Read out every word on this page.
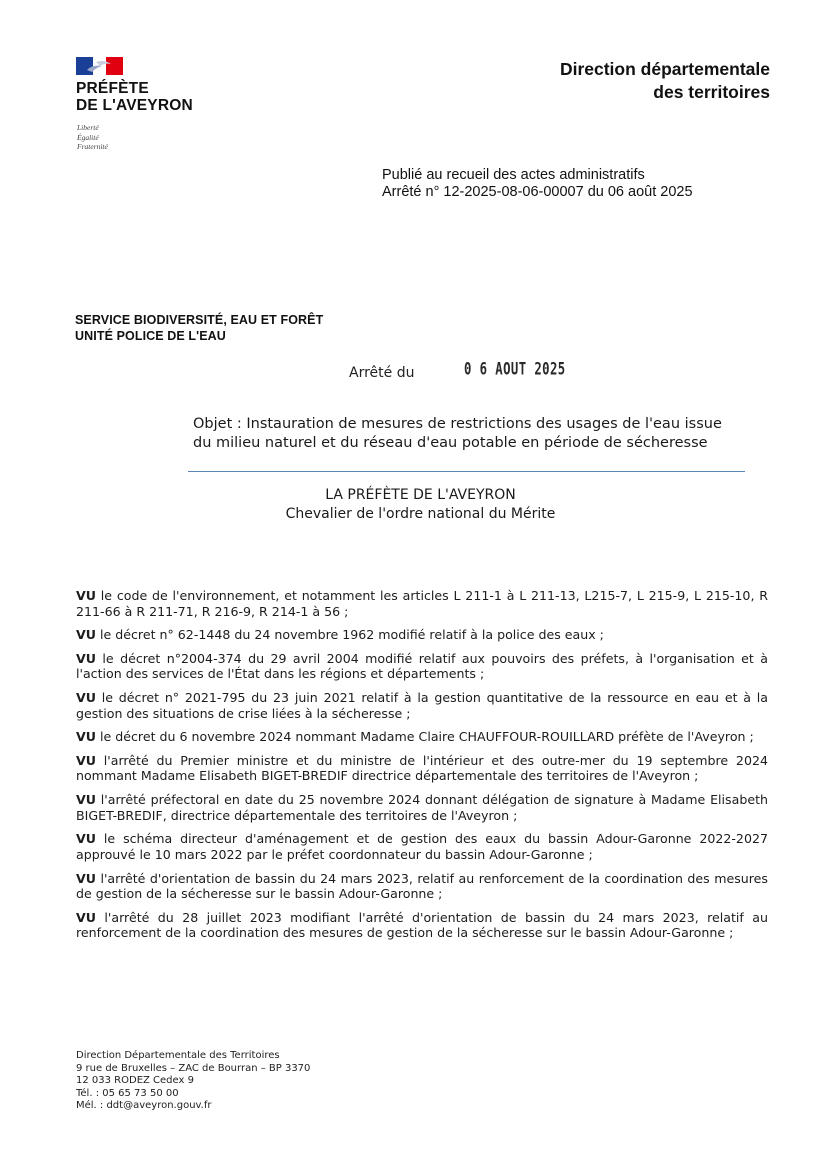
PRÉFÈTE
DE L'AVEYRON
Liberté
Égalité
Fraternité
Direction départementale
des territoires
Publié au recueil des actes administratifs
Arrêté n° 12-2025-08-06-00007 du 06 août 2025
SERVICE BIODIVERSITÉ, EAU ET FORÊT
UNITÉ POLICE DE L'EAU
Arrêté du	0 6 AOUT 2025
Objet : Instauration de mesures de restrictions des usages de l'eau issue
du milieu naturel et du réseau d'eau potable en période de sécheresse
LA PRÉFÈTE DE L'AVEYRON
Chevalier de l'ordre national du Mérite

VU le code de l'environnement, et notamment les articles L 211-1 à L 211-13, L215-7, L 215-9, L 215-10, R 211-66 à R 211-71, R 216-9, R 214-1 à 56 ;

VU le décret n° 62-1448 du 24 novembre 1962 modifié relatif à la police des eaux ;

VU le décret n°2004-374 du 29 avril 2004 modifié relatif aux pouvoirs des préfets, à l'organisation et à l'action des services de l'État dans les régions et départements ;

VU le décret n° 2021-795 du 23 juin 2021 relatif à la gestion quantitative de la ressource en eau et à la gestion des situations de crise liées à la sécheresse ;

VU le décret du 6 novembre 2024 nommant Madame Claire CHAUFFOUR-ROUILLARD préfète de l'Aveyron ;

VU l'arrêté du Premier ministre et du ministre de l'intérieur et des outre-mer du 19 septembre 2024 nommant Madame Elisabeth BIGET-BREDIF directrice départementale des territoires de l'Aveyron ;

VU l'arrêté préfectoral en date du 25 novembre 2024 donnant délégation de signature à Madame Elisabeth BIGET-BREDIF, directrice départementale des territoires de l'Aveyron ;

VU le schéma directeur d'aménagement et de gestion des eaux du bassin Adour-Garonne 2022-2027 approuvé le 10 mars 2022 par le préfet coordonnateur du bassin Adour-Garonne ;

VU l'arrêté d'orientation de bassin du 24 mars 2023, relatif au renforcement de la coordination des mesures de gestion de la sécheresse sur le bassin Adour-Garonne ;

VU l'arrêté du 28 juillet 2023 modifiant l'arrêté d'orientation de bassin du 24 mars 2023, relatif au renforcement de la coordination des mesures de gestion de la sécheresse sur le bassin Adour-Garonne ;

Direction Départementale des Territoires
9 rue de Bruxelles – ZAC de Bourran – BP 3370
12 033 RODEZ Cedex 9
Tél. : 05 65 73 50 00
Mél. : ddt@aveyron.gouv.fr
